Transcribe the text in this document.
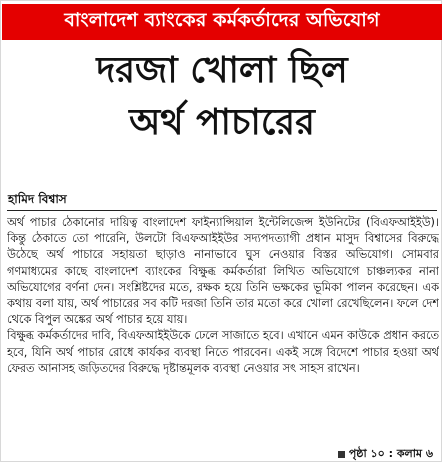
বাংলাদেশ ব্যাংকের কর্মকর্তাদের অভিযোগ
দরজা খোলা ছিল
অর্থ পাচারের
হামিদ বিশ্বাস

অর্থ পাচার ঠেকানোর দায়িত্ব বাংলাদেশ ফাইন্যান্সিয়াল ইন্টেলিজেন্স ইউনিটের (বিএফআইইউ)। কিন্তু ঠেকাতে তো পারেনি, উলটো বিএফআইইউর সদ্যপদত্যাগী প্রধান মাসুদ বিশ্বাসের বিরুদ্ধে উঠেছে অর্থ পাচারে সহায়তা ছাড়াও নানাভাবে ঘুস নেওয়ার বিস্তর অভিযোগ। সোমবার গণমাধ্যমের কাছে বাংলাদেশ ব্যাংকের বিক্ষুব্ধ কর্মকর্তারা লিখিত অভিযোগে চাঞ্চল্যকর নানা অভিযোগের বর্ণনা দেন। সংশ্লিষ্টদের মতে, রক্ষক হয়ে তিনি ভক্ষকের ভূমিকা পালন করেছেন। এক কথায় বলা যায়, অর্থ পাচারের সব কটি দরজা তিনি তার মতো করে খোলা রেখেছিলেন। ফলে দেশ থেকে বিপুল অঙ্কের অর্থ পাচার হয়ে যায়।

বিক্ষুব্ধ কর্মকর্তাদের দাবি, বিএফআইইউকে ঢেলে সাজাতে হবে। এখানে এমন কাউকে প্রধান করতে হবে, যিনি অর্থ পাচার রোধে কার্যকর ব্যবস্থা নিতে পারবেন। একই সঙ্গে বিদেশে পাচার হওয়া অর্থ ফেরত আনাসহ জড়িতদের বিরুদ্ধে দৃষ্টান্তমূলক ব্যবস্থা নেওয়ার সৎ সাহস রাখেন।

পৃষ্ঠা ১০ : কলাম ৬
